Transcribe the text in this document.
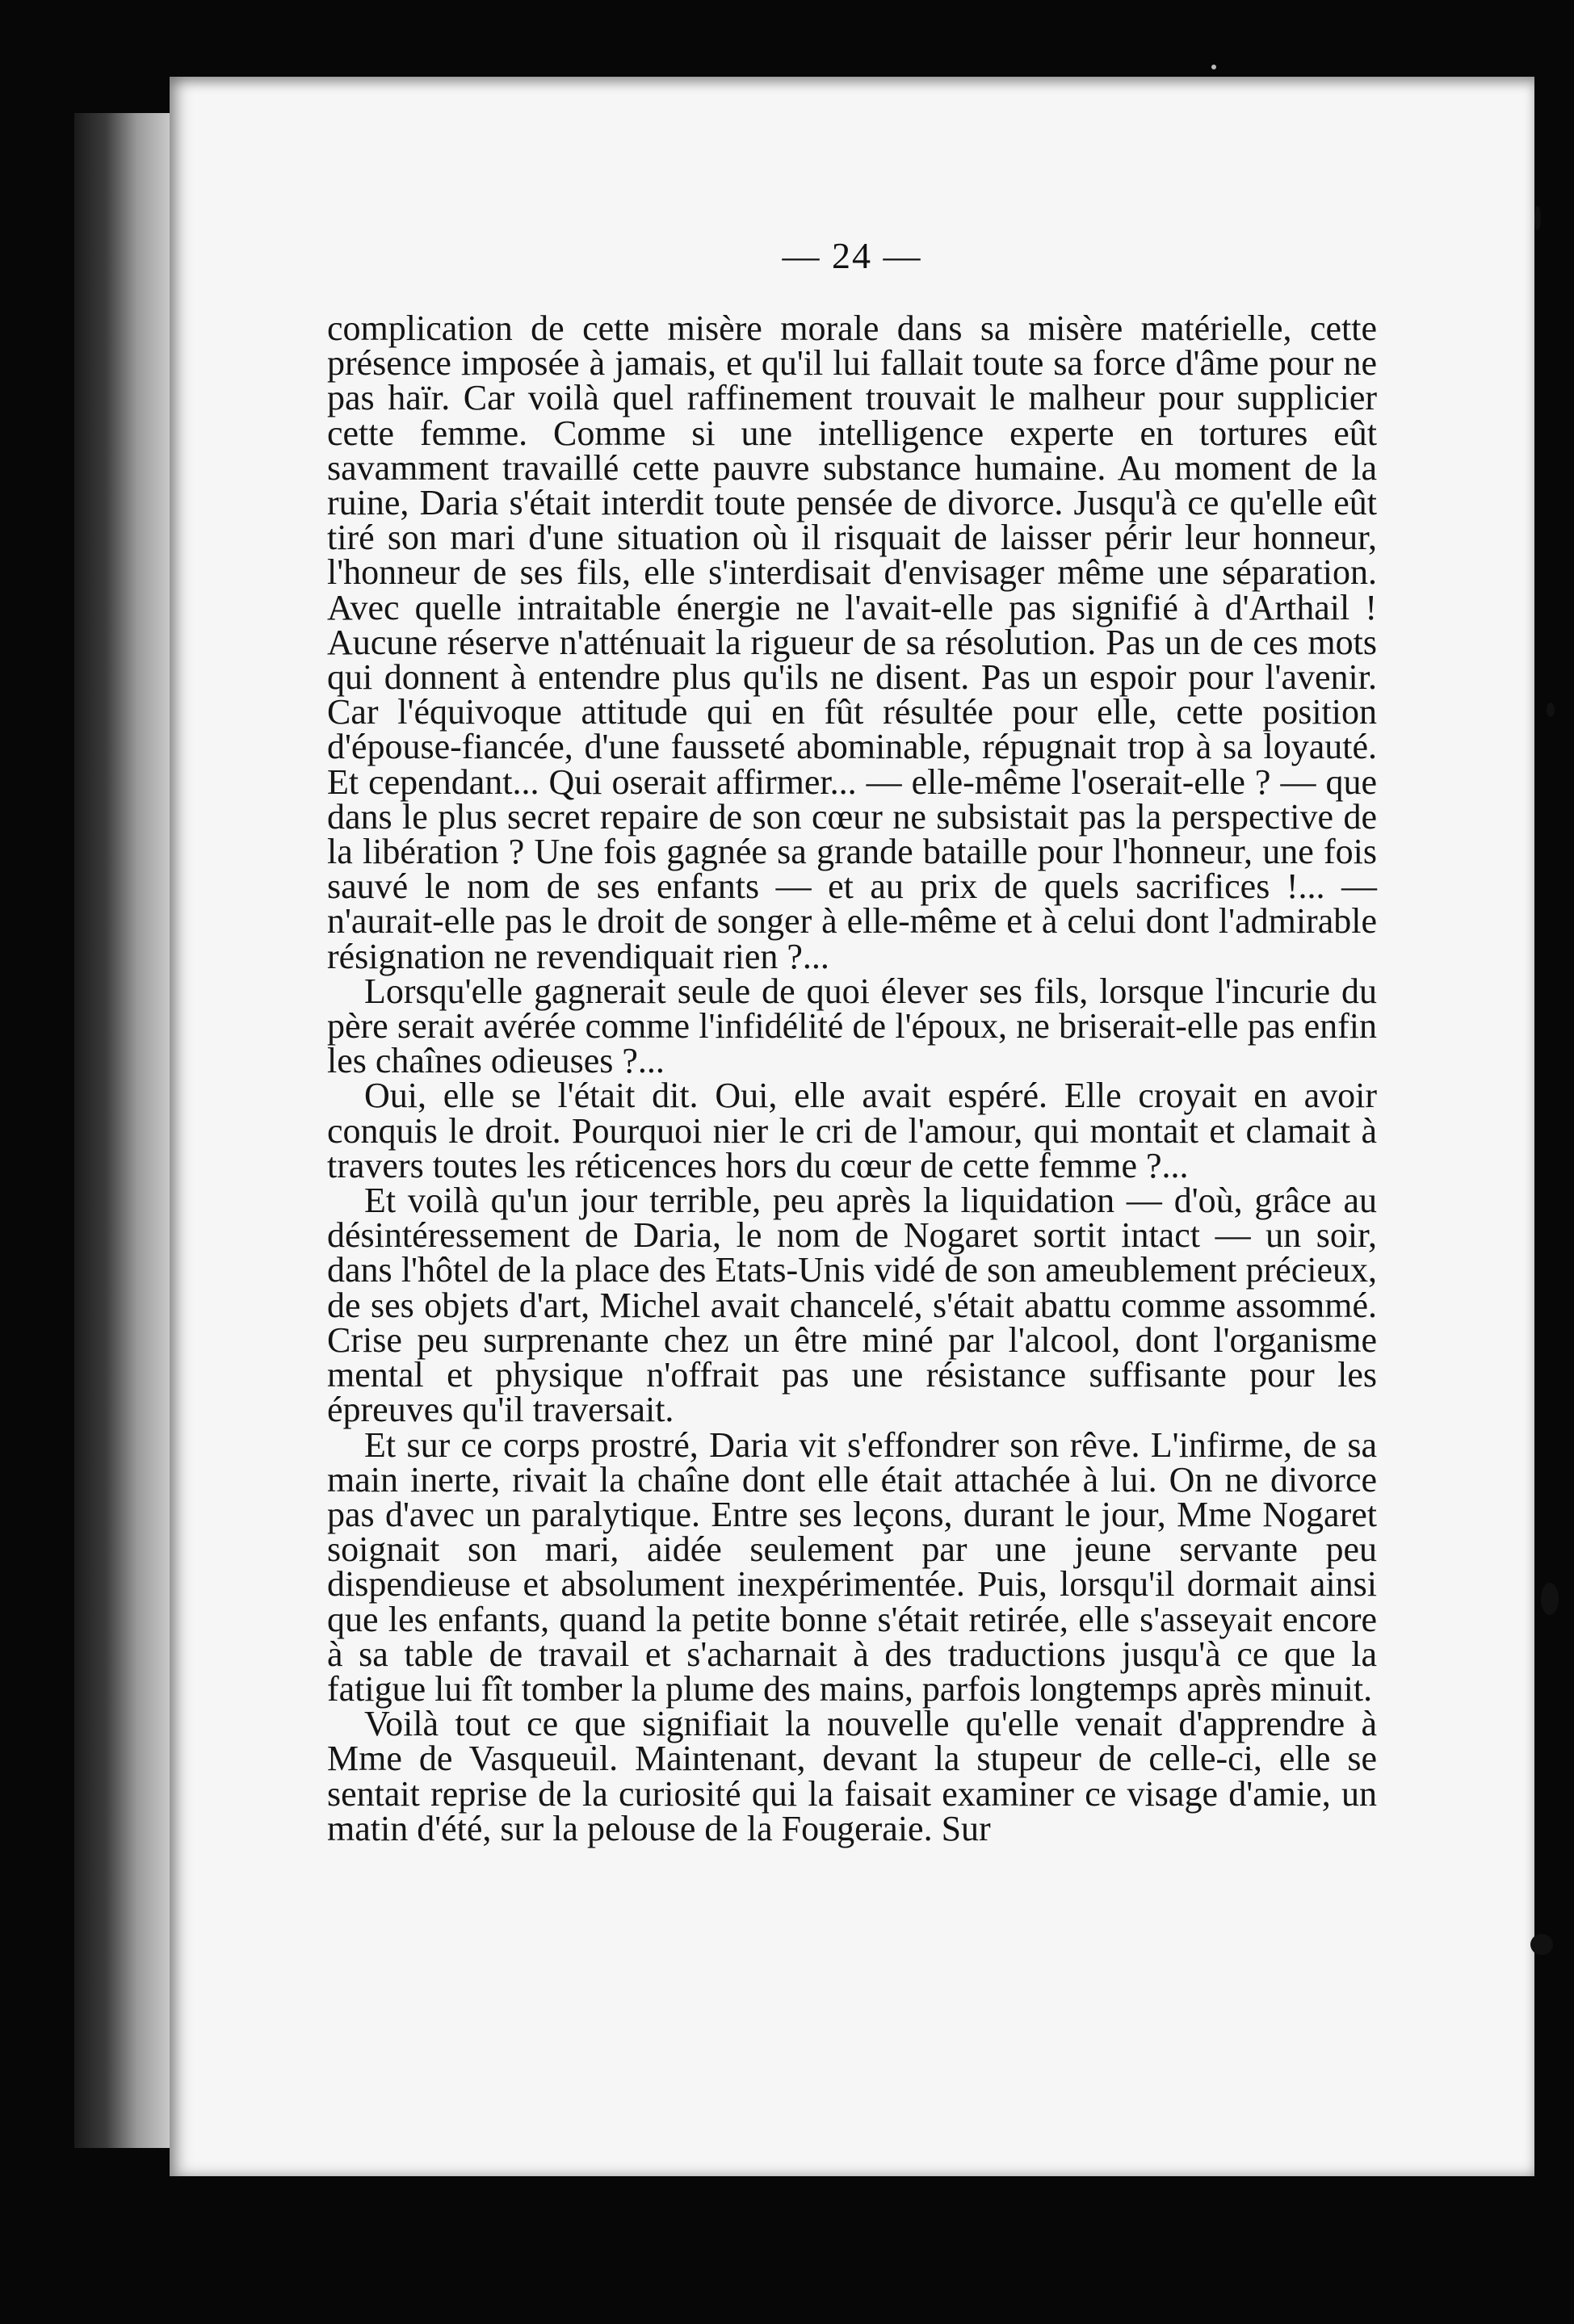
— 24 —

complication de cette misère morale dans sa misère matérielle, cette présence imposée à jamais, et qu'il lui fallait toute sa force d'âme pour ne pas haïr. Car voilà quel raffinement trouvait le malheur pour supplicier cette femme. Comme si une intelligence experte en tortures eût savamment travaillé cette pauvre substance humaine. Au moment de la ruine, Daria s'était interdit toute pensée de divorce. Jusqu'à ce qu'elle eût tiré son mari d'une situation où il risquait de laisser périr leur honneur, l'honneur de ses fils, elle s'interdisait d'envisager même une séparation. Avec quelle intraitable énergie ne l'avait-elle pas signifié à d'Arthail ! Aucune réserve n'atténuait la rigueur de sa résolution. Pas un de ces mots qui donnent à entendre plus qu'ils ne disent. Pas un espoir pour l'avenir. Car l'équivoque attitude qui en fût résultée pour elle, cette position d'épouse-fiancée, d'une fausseté abominable, répugnait trop à sa loyauté. Et cependant... Qui oserait affirmer... — elle-même l'oserait-elle ? — que dans le plus secret repaire de son cœur ne subsistait pas la perspective de la libération ? Une fois gagnée sa grande bataille pour l'honneur, une fois sauvé le nom de ses enfants — et au prix de quels sacrifices !... — n'aurait-elle pas le droit de songer à elle-même et à celui dont l'admirable résignation ne revendiquait rien ?...

Lorsqu'elle gagnerait seule de quoi élever ses fils, lorsque l'incurie du père serait avérée comme l'infidélité de l'époux, ne briserait-elle pas enfin les chaînes odieuses ?...

Oui, elle se l'était dit. Oui, elle avait espéré. Elle croyait en avoir conquis le droit. Pourquoi nier le cri de l'amour, qui montait et clamait à travers toutes les réticences hors du cœur de cette femme ?...

Et voilà qu'un jour terrible, peu après la liquidation — d'où, grâce au désintéressement de Daria, le nom de Nogaret sortit intact — un soir, dans l'hôtel de la place des Etats-Unis vidé de son ameublement précieux, de ses objets d'art, Michel avait chancelé, s'était abattu comme assommé. Crise peu surprenante chez un être miné par l'alcool, dont l'organisme mental et physique n'offrait pas une résistance suffisante pour les épreuves qu'il traversait.

Et sur ce corps prostré, Daria vit s'effondrer son rêve. L'infirme, de sa main inerte, rivait la chaîne dont elle était attachée à lui. On ne divorce pas d'avec un paralytique. Entre ses leçons, durant le jour, Mme Nogaret soignait son mari, aidée seulement par une jeune servante peu dispendieuse et absolument inexpérimentée. Puis, lorsqu'il dormait ainsi que les enfants, quand la petite bonne s'était retirée, elle s'asseyait encore à sa table de travail et s'acharnait à des traductions jusqu'à ce que la fatigue lui fît tomber la plume des mains, parfois longtemps après minuit.

Voilà tout ce que signifiait la nouvelle qu'elle venait d'apprendre à Mme de Vasqueuil. Maintenant, devant la stupeur de celle-ci, elle se sentait reprise de la curiosité qui la faisait examiner ce visage d'amie, un matin d'été, sur la pelouse de la Fougeraie. Sur
